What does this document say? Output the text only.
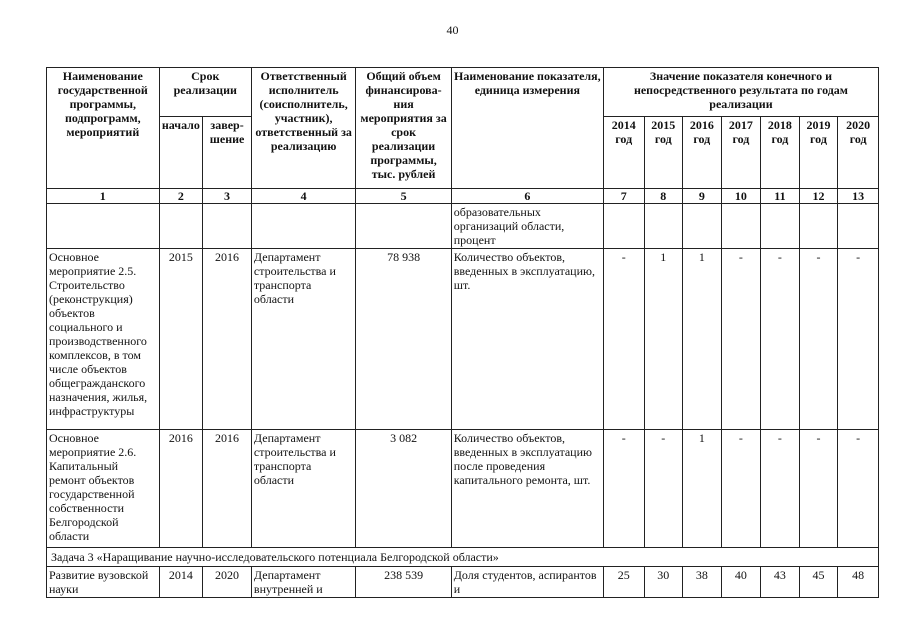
40
Наименование государственной программы, подпрограмм, мероприятий	Срок реализации		Ответственный исполнитель (соисполнитель, участник), ответственный за реализацию	Общий объем финансирова-ния мероприятия за срок реализации программы, тыс. рублей	Наименование показателя, единица измерения	Значение показателя конечного и непосредственного результата по годам реализации						
	начало	завер-шение				2014 год	2015 год	2016 год	2017 год	2018 год	2019 год	2020 год
1	2	3	4	5	6	7	8	9	10	11	12	13
					образовательных организаций области, процент							
Основное мероприятие 2.5. Строительство (реконструкция) объектов социального и производственного комплексов, в том числе объектов общегражданского назначения, жилья, инфраструктуры	2015	2016	Департамент строительства и транспорта области	78 938	Количество объектов, введенных в эксплуатацию, шт.	-	1	1	-	-	-	-
Основное мероприятие 2.6. Капитальный ремонт объектов государственной собственности Белгородской области	2016	2016	Департамент строительства и транспорта области	3 082	Количество объектов, введенных в эксплуатацию после проведения капитального ремонта, шт.	-	-	1	-	-	-	-
Задача 3 «Наращивание научно-исследовательского потенциала Белгородской области»												
Развитие вузовской науки	2014	2020	Департамент внутренней и	238 539	Доля студентов, аспирантов и	25	30	38	40	43	45	48
